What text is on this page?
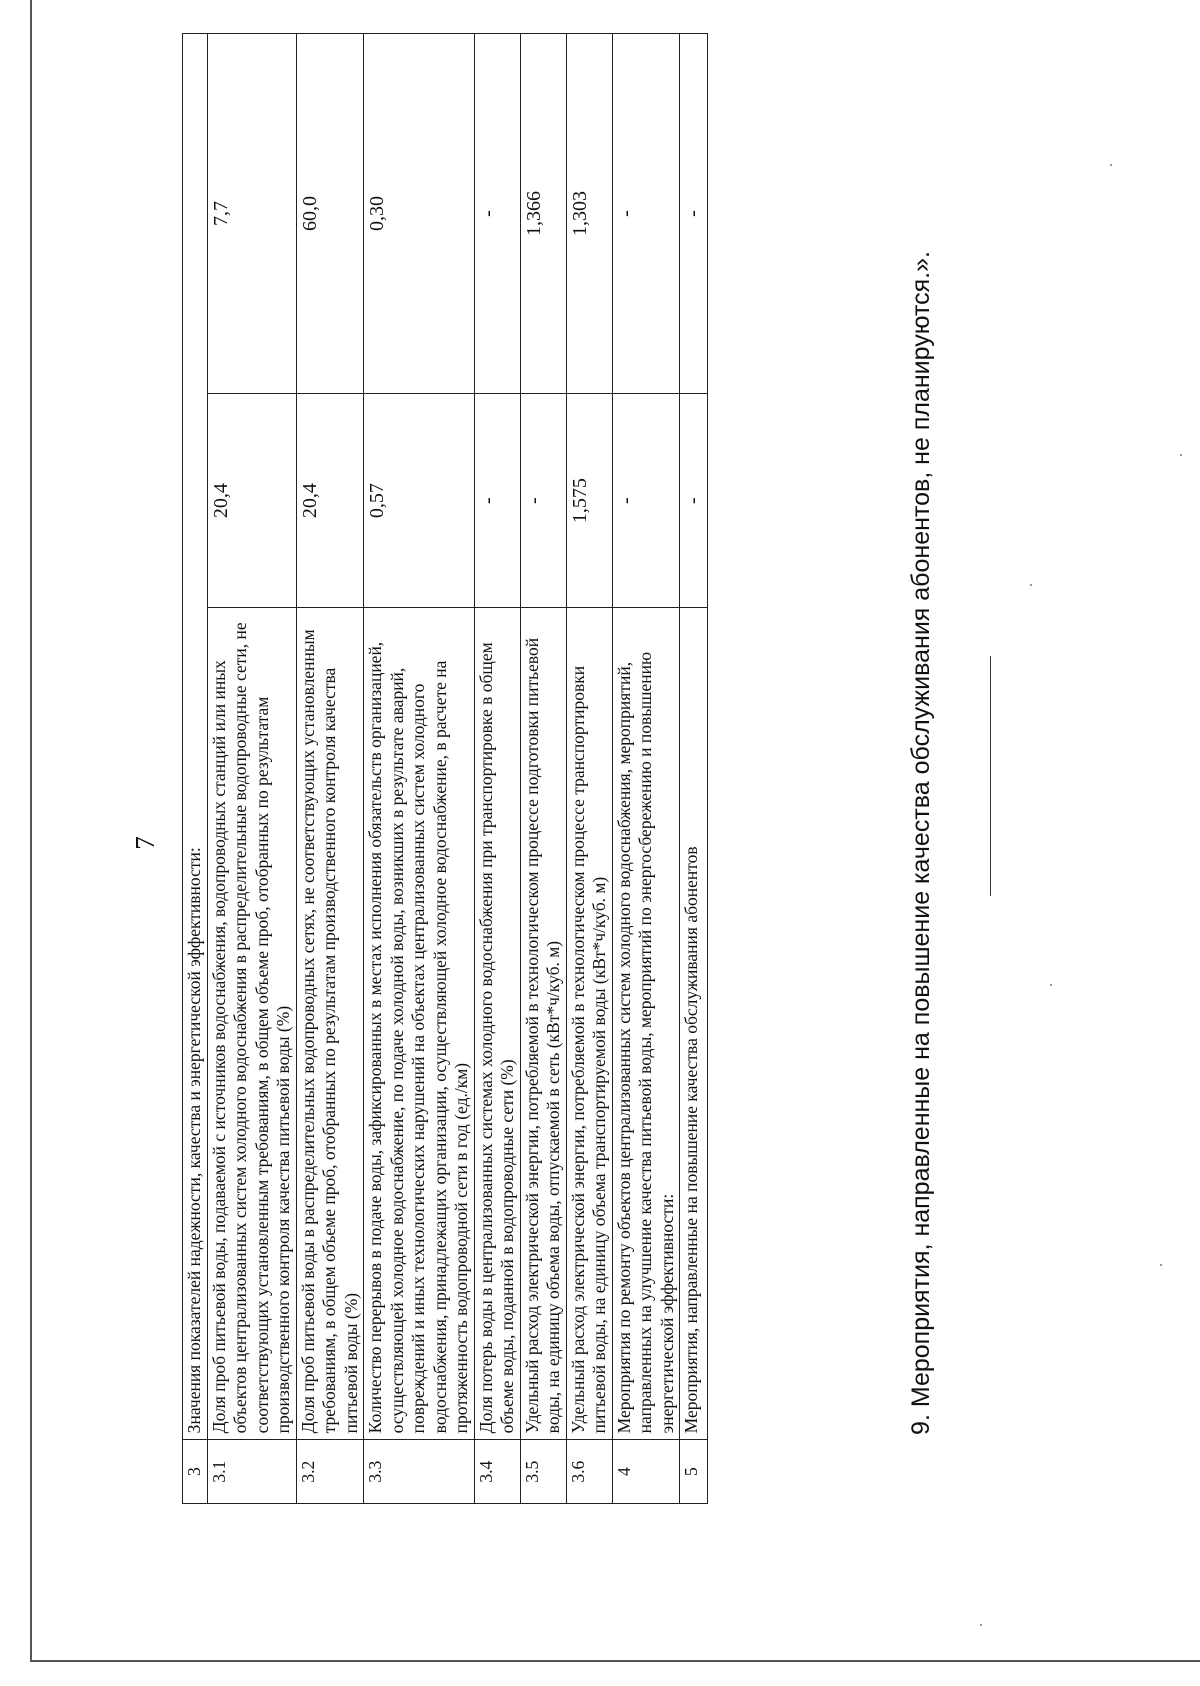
7
3	Значения показателей надежности, качества и энергетической эффективности:		
3.1	Доля проб питьевой воды, подаваемой с источников водоснабжения, водопроводных станций или иных объектов централизованных систем холодного водоснабжения в распределительные водопроводные сети, не соответствующих установленным требованиям, в общем объеме проб, отобранных по результатам производственного контроля качества питьевой воды (%)	20,4	7,7
3.2	Доля проб питьевой воды в распределительных водопроводных сетях, не соответствующих установленным требованиям, в общем объеме проб, отобранных по результатам производственного контроля качества питьевой воды (%)	20,4	60,0
3.3	Количество перерывов в подаче воды, зафиксированных в местах исполнения обязательств организацией, осуществляющей холодное водоснабжение, по подаче холодной воды, возникших в результате аварий, повреждений и иных технологических нарушений на объектах централизованных систем холодного водоснабжения, принадлежащих организации, осуществляющей холодное водоснабжение, в расчете на протяженность водопроводной сети в год (ед./км)	0,57	0,30
3.4	Доля потерь воды в централизованных системах холодного водоснабжения при транспортировке в общем объеме воды, поданной в водопроводные сети (%)	-	-
3.5	Удельный расход электрической энергии, потребляемой в технологическом процессе подготовки питьевой воды, на единицу объема воды, отпускаемой в сеть (кВт*ч/куб. м)	-	1,366
3.6	Удельный расход электрической энергии, потребляемой в технологическом процессе транспортировки питьевой воды, на единицу объема транспортируемой воды (кВт*ч/куб. м)	1,575	1,303
4	Мероприятия по ремонту объектов централизованных систем холодного водоснабжения, мероприятий, направленных на улучшение качества питьевой воды, мероприятий по энергосбережению и повышению энергетической эффективности:	-	-
5	Мероприятия, направленные на повышение качества обслуживания абонентов	-	-
9. Мероприятия, направленные на повышение качества обслуживания абонентов, не планируются.».
